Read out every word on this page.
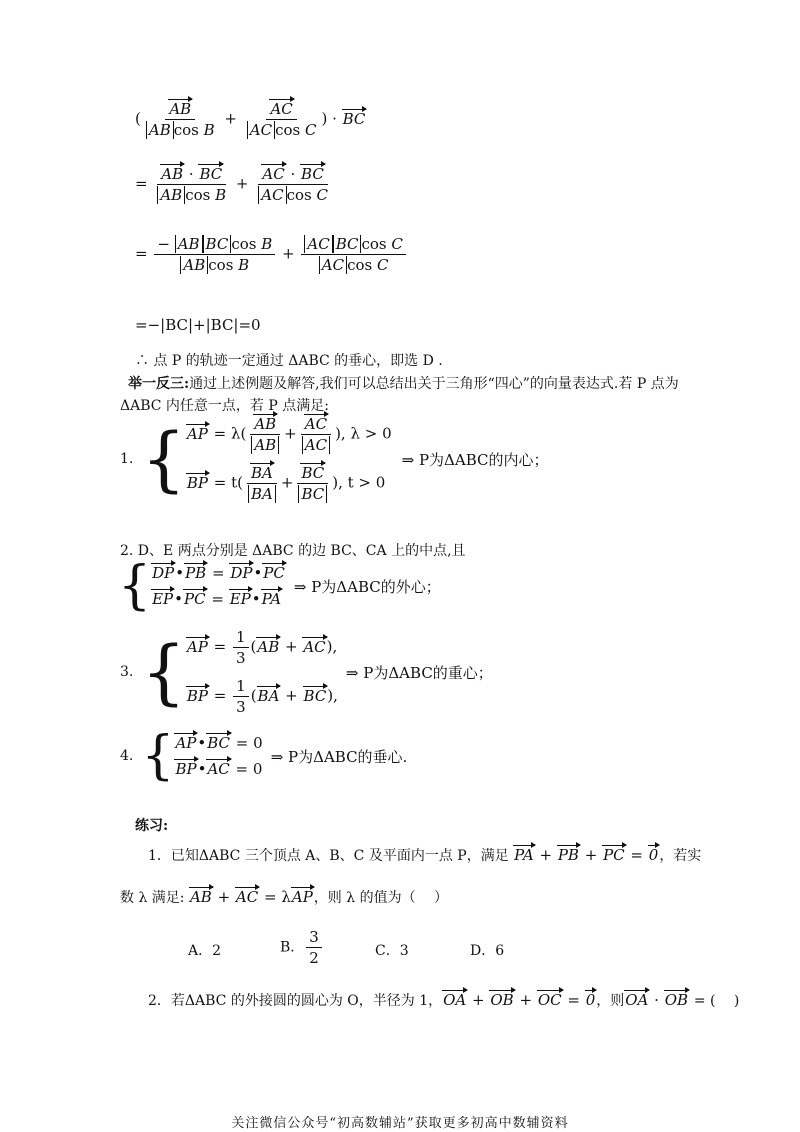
( $\frac{AB}{\text{AB cos B}} + \frac{AC}{\text{AC cos C}}$ ) · BC
= $\frac{AB \cdot BC}{\text{AB cos B}} + \frac{AC \cdot BC}{\text{AC cos C}}$
= $\frac{\text{− AB BC cos B}}{\text{AB cos B}} + \frac{\text{AC BC cos C}}{\text{AC cos C}}$
=−|BC|+|BC|=0
∴ 点 P 的轨迹一定通过 ΔABC 的垂心，即选 D .
举一反三:通过上述例题及解答,我们可以总结出关于三角形“四心”的向量表达式.若 P 点为
ΔABC 内任意一点，若 P 点满足:
1. { AP = $\lambda( \frac{AB}{AB} + \frac{AC}{AC}$ ), λ > 0
BP = $t( \frac{BA}{BA} + \frac{BC}{BC}$ ), t > 0
⇒ P为ΔABC的内心；
2. D、E 两点分别是 ΔABC 的边 BC、CA 上的中点,且
{ DP•PB = DP•PC
EP•PC = EP•PA
⇒ P为ΔABC的外心；
3. { AP = $\frac{1}{3} (AB + AC)$,
BP = $\frac{1}{3} (BA + BC)$,
⇒ P为ΔABC的重心；
4. { AP•BC = 0
BP•AC = 0
⇒ P为ΔABC的垂心.
练习:
1．已知ΔABC 三个顶点 A、B、C 及平面内一点 P，满足 PA + PB + PC = 0，若实
数 λ 满足: AB + AC = λAP，则 λ 的值为（　 ）
A．2	B． $\frac{3}{2}$	C．3	D．6
2．若ΔABC 的外接圆的圆心为 O，半径为 1，OA + OB + OC = 0，则OA · OB = (　 )
关注微信公众号“初高数辅站”获取更多初高中数辅资料
